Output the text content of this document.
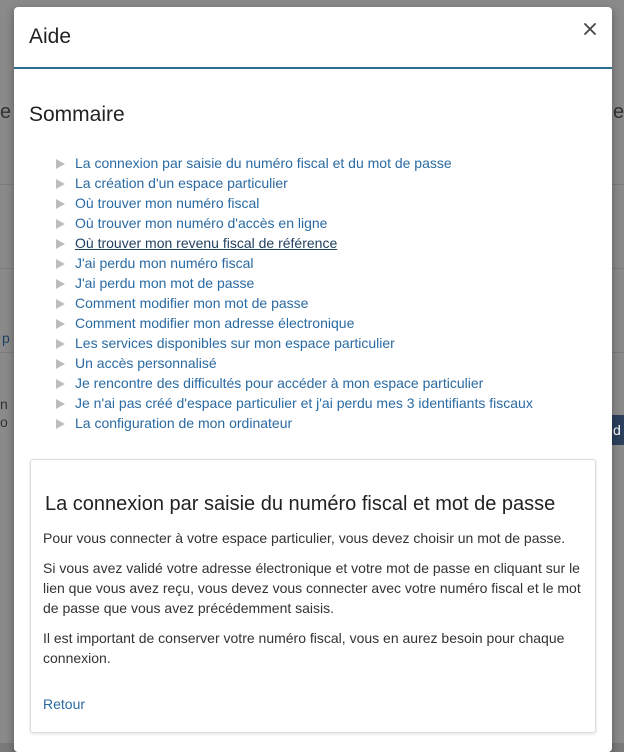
e	e
p
n
o	d
Aide
Sommaire
La connexion par saisie du numéro fiscal et du mot de passe
La création d'un espace particulier
Où trouver mon numéro fiscal
Où trouver mon numéro d'accès en ligne
Où trouver mon revenu fiscal de référence
J'ai perdu mon numéro fiscal
J'ai perdu mon mot de passe
Comment modifier mon mot de passe
Comment modifier mon adresse électronique
Les services disponibles sur mon espace particulier
Un accès personnalisé
Je rencontre des difficultés pour accéder à mon espace particulier
Je n'ai pas créé d'espace particulier et j'ai perdu mes 3 identifiants fiscaux
La configuration de mon ordinateur
La connexion par saisie du numéro fiscal et mot de passe

Pour vous connecter à votre espace particulier, vous devez choisir un mot de passe.

Si vous avez validé votre adresse électronique et votre mot de passe en cliquant sur le lien que vous avez reçu, vous devez vous connecter avec votre numéro fiscal et le mot de passe que vous avez précédemment saisis.

Il est important de conserver votre numéro fiscal, vous en aurez besoin pour chaque connexion.

Retour
